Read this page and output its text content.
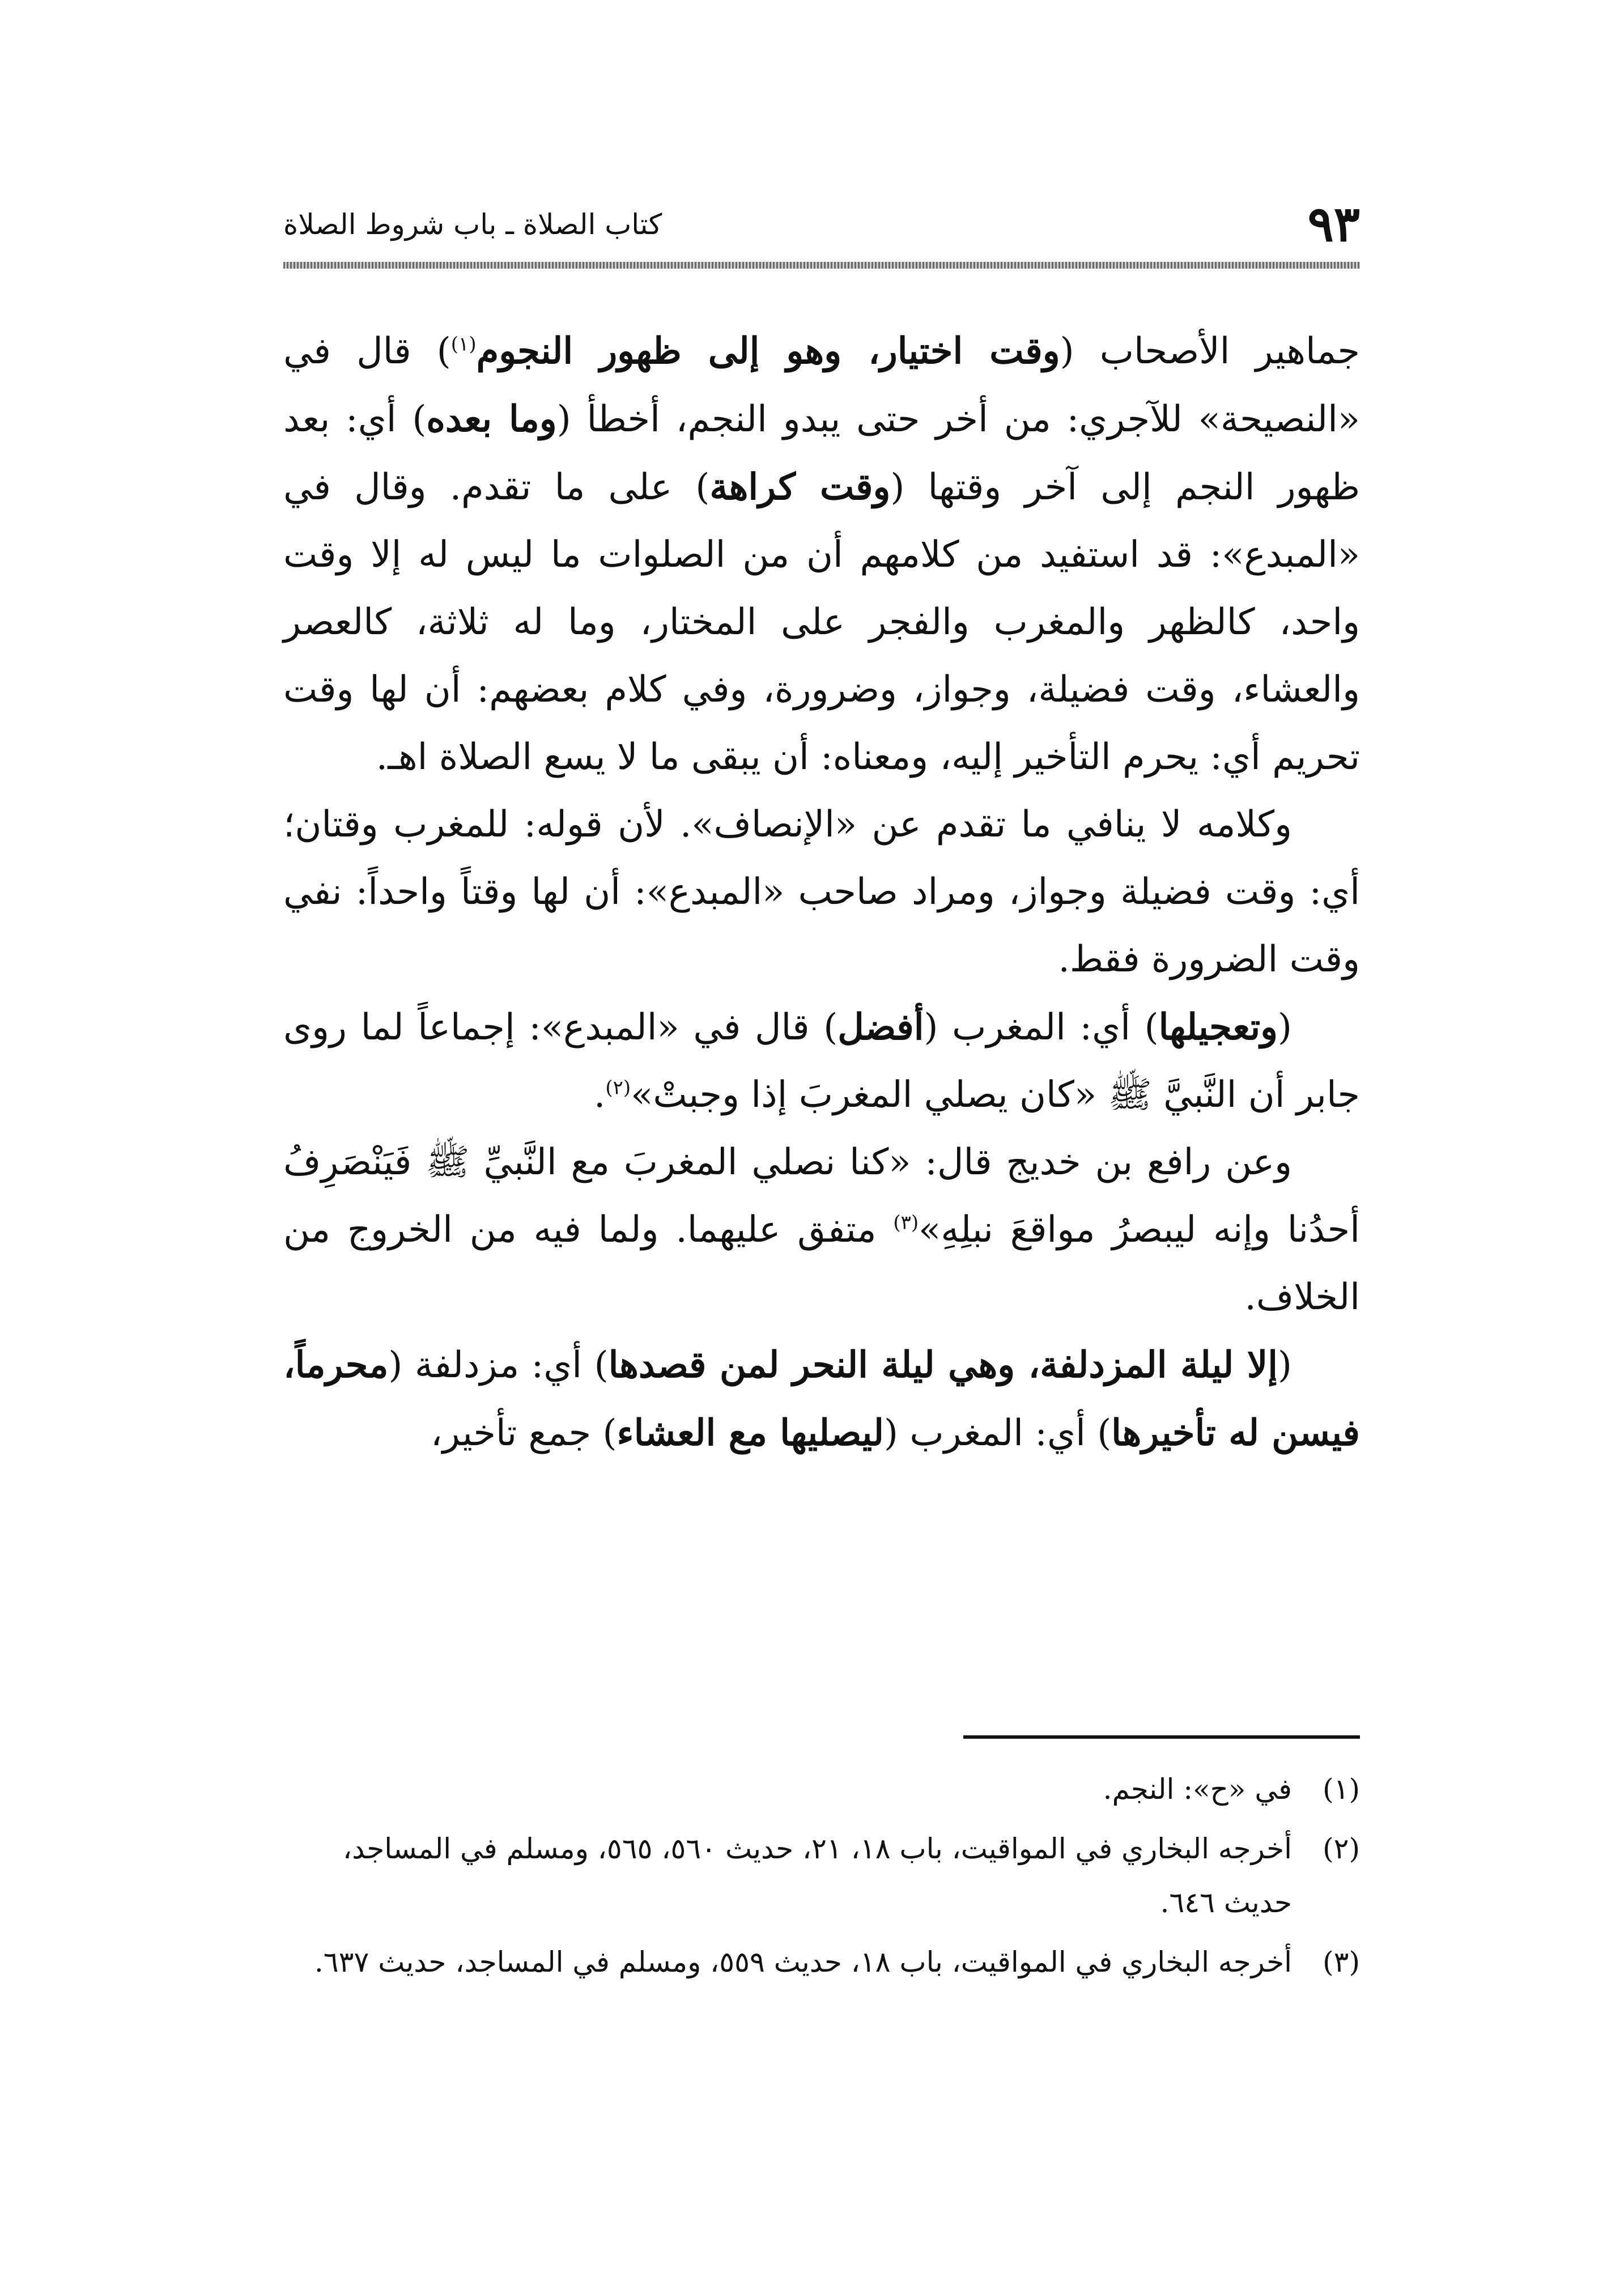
٩٣
كتاب الصلاة ـ باب شروط الصلاة

جماهير الأصحاب (وقت اختيار، وهو إلى ظهور النجوم$^{(١)}$) قال في «النصيحة» للآجري: من أخر حتى يبدو النجم، أخطأ (وما بعده) أي: بعد ظهور النجم إلى آخر وقتها (وقت كراهة) على ما تقدم. وقال في «المبدع»: قد استفيد من كلامهم أن من الصلوات ما ليس له إلا وقت واحد، كالظهر والمغرب والفجر على المختار، وما له ثلاثة، كالعصر والعشاء، وقت فضيلة، وجواز، وضرورة، وفي كلام بعضهم: أن لها وقت تحريم أي: يحرم التأخير إليه، ومعناه: أن يبقى ما لا يسع الصلاة اهـ.

وكلامه لا ينافي ما تقدم عن «الإنصاف». لأن قوله: للمغرب وقتان؛ أي: وقت فضيلة وجواز، ومراد صاحب «المبدع»: أن لها وقتاً واحداً: نفي وقت الضرورة فقط.

(وتعجيلها) أي: المغرب (أفضل) قال في «المبدع»: إجماعاً لما روى جابر أن النَّبيَّ ﷺ «كان يصلي المغربَ إذا وجبتْ»$^{(٢)}$.

وعن رافع بن خديج قال: «كنا نصلي المغربَ مع النَّبيِّ ﷺ فَيَنْصَرِفُ أحدُنا وإنه ليبصرُ مواقعَ نبلِهِ»$^{(٣)}$ متفق عليهما. ولما فيه من الخروج من الخلاف.

(إلا ليلة المزدلفة، وهي ليلة النحر لمن قصدها) أي: مزدلفة (محرماً، فيسن له تأخيرها) أي: المغرب (ليصليها مع العشاء) جمع تأخير،

(١)
في «ح»: النجم.
(٢)
أخرجه البخاري في المواقيت، باب ١٨، ٢١، حديث ٥٦٠، ٥٦٥، ومسلم في المساجد، حديث ٦٤٦.
(٣)
أخرجه البخاري في المواقيت، باب ١٨، حديث ٥٥٩، ومسلم في المساجد، حديث ٦٣٧.
